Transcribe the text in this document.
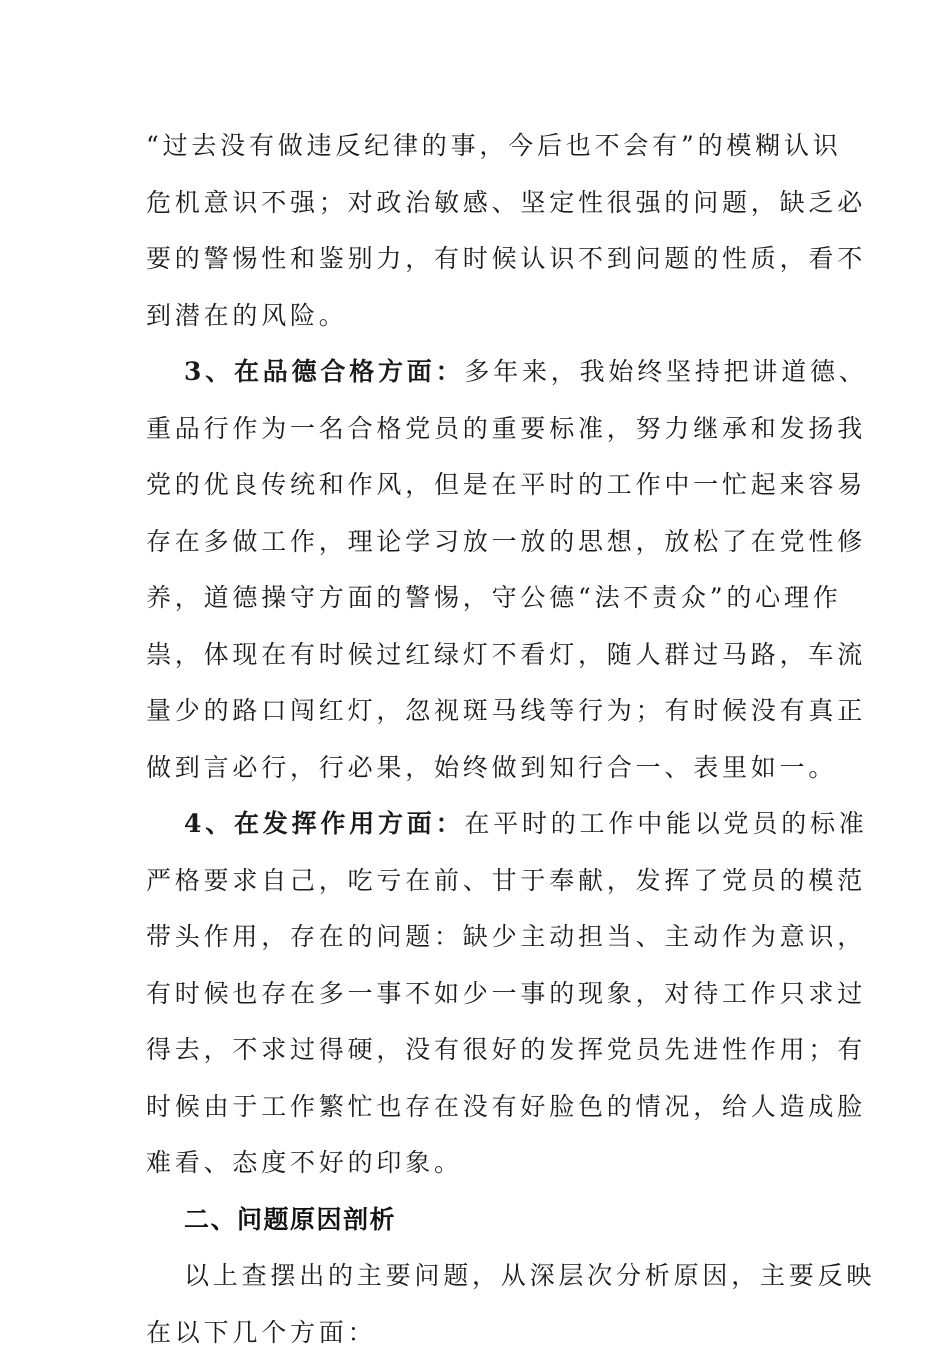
“过去没有做违反纪律的事，今后也不会有”的模糊认识
危机意识不强；对政治敏感、坚定性很强的问题，缺乏必
要的警惕性和鉴别力，有时候认识不到问题的性质，看不
到潜在的风险。
3、在品德合格方面：多年来，我始终坚持把讲道德、
重品行作为一名合格党员的重要标准，努力继承和发扬我
党的优良传统和作风，但是在平时的工作中一忙起来容易
存在多做工作，理论学习放一放的思想，放松了在党性修
养，道德操守方面的警惕，守公德“法不责众”的心理作
祟，体现在有时候过红绿灯不看灯，随人群过马路，车流
量少的路口闯红灯，忽视斑马线等行为；有时候没有真正
做到言必行，行必果，始终做到知行合一、表里如一。
4、在发挥作用方面：在平时的工作中能以党员的标准
严格要求自己，吃亏在前、甘于奉献，发挥了党员的模范
带头作用，存在的问题：缺少主动担当、主动作为意识，
有时候也存在多一事不如少一事的现象，对待工作只求过
得去，不求过得硬，没有很好的发挥党员先进性作用；有
时候由于工作繁忙也存在没有好脸色的情况，给人造成脸
难看、态度不好的印象。
二、问题原因剖析
以上查摆出的主要问题，从深层次分析原因，主要反映
在以下几个方面：
